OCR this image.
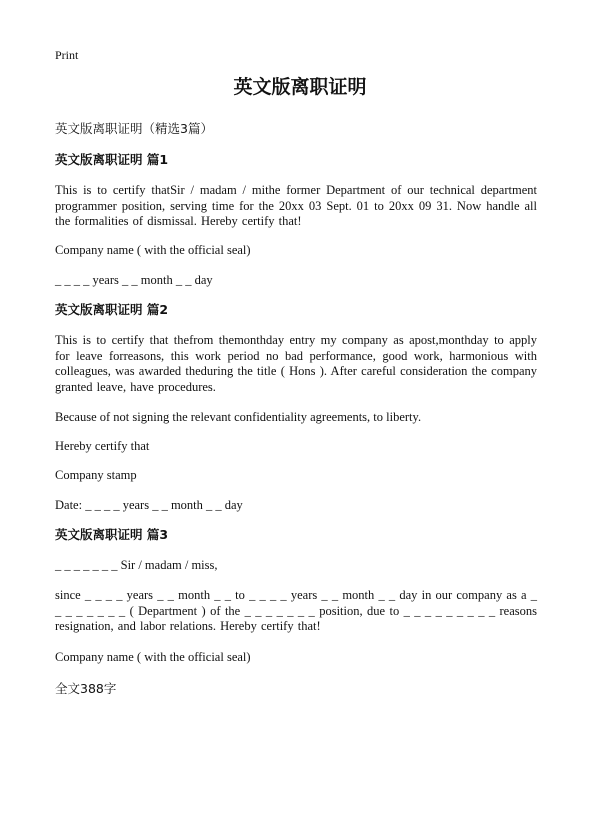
Print
英文版离职证明
英文版离职证明（精选3篇）
英文版离职证明 篇1

This is to certify thatSir / madam / mithe former Department of our technical department programmer position, serving time for the 20xx 03 Sept. 01 to 20xx 09 31. Now handle all the formalities of dismissal. Hereby certify that!

Company name ( with the official seal)

_ _ _ _ years _ _ month _ _ day

英文版离职证明 篇2

This is to certify that thefrom themonthday entry my company as apost,monthday to apply for leave forreasons, this work period no bad performance, good work, harmonious with colleagues, was awarded theduring the title ( Hons ). After careful consideration the company granted leave, have procedures.

Because of not signing the relevant confidentiality agreements, to liberty.

Hereby certify that

Company stamp

Date: _ _ _ _ years _ _ month _ _ day

英文版离职证明 篇3

_ _ _ _ _ _ _ Sir / madam / miss,

since _ _ _ _ years _ _ month _ _ to _ _ _ _ years _ _ month _ _ day in our company as a _ _ _ _ _ _ _ _ ( Department ) of the _ _ _ _ _ _ _ position, due to _ _ _ _ _ _ _ _ _ reasons resignation, and labor relations. Hereby certify that!

Company name ( with the official seal)

全文388字
